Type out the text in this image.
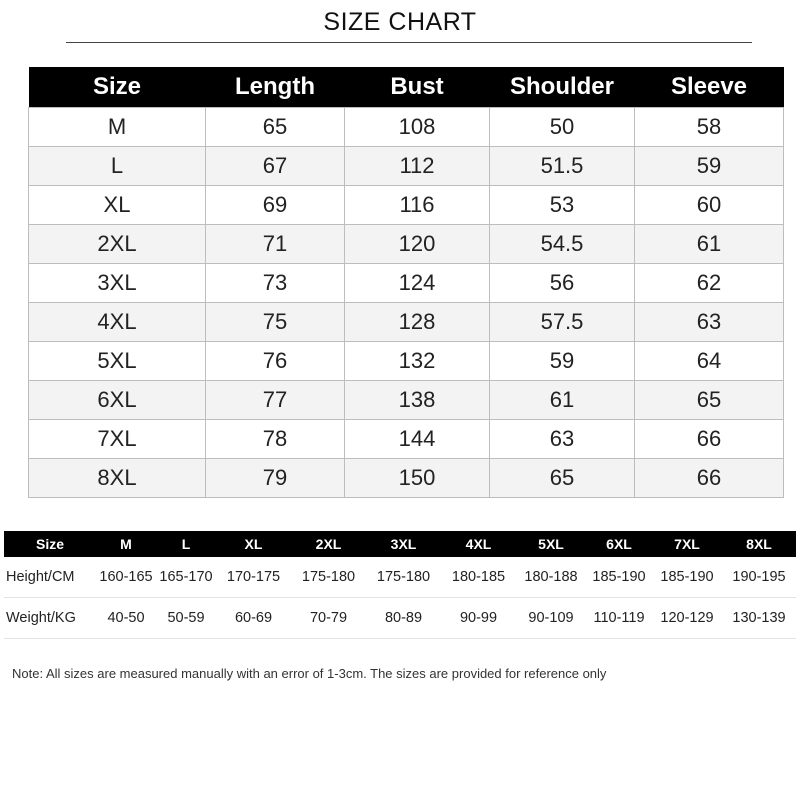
SIZE CHART
Size	Length	Bust	Shoulder	Sleeve
M	65	108	50	58
L	67	112	51.5	59
XL	69	116	53	60
2XL	71	120	54.5	61
3XL	73	124	56	62
4XL	75	128	57.5	63
5XL	76	132	59	64
6XL	77	138	61	65
7XL	78	144	63	66
8XL	79	150	65	66
Size	M	L	XL	2XL	3XL	4XL	5XL	6XL	7XL	8XL
Height/CM	160-165	165-170	170-175	175-180	175-180	180-185	180-188	185-190	185-190	190-195
Weight/KG	40-50	50-59	60-69	70-79	80-89	90-99	90-109	110-119	120-129	130-139
Note: All sizes are measured manually with an error of 1-3cm. The sizes are provided for reference only
